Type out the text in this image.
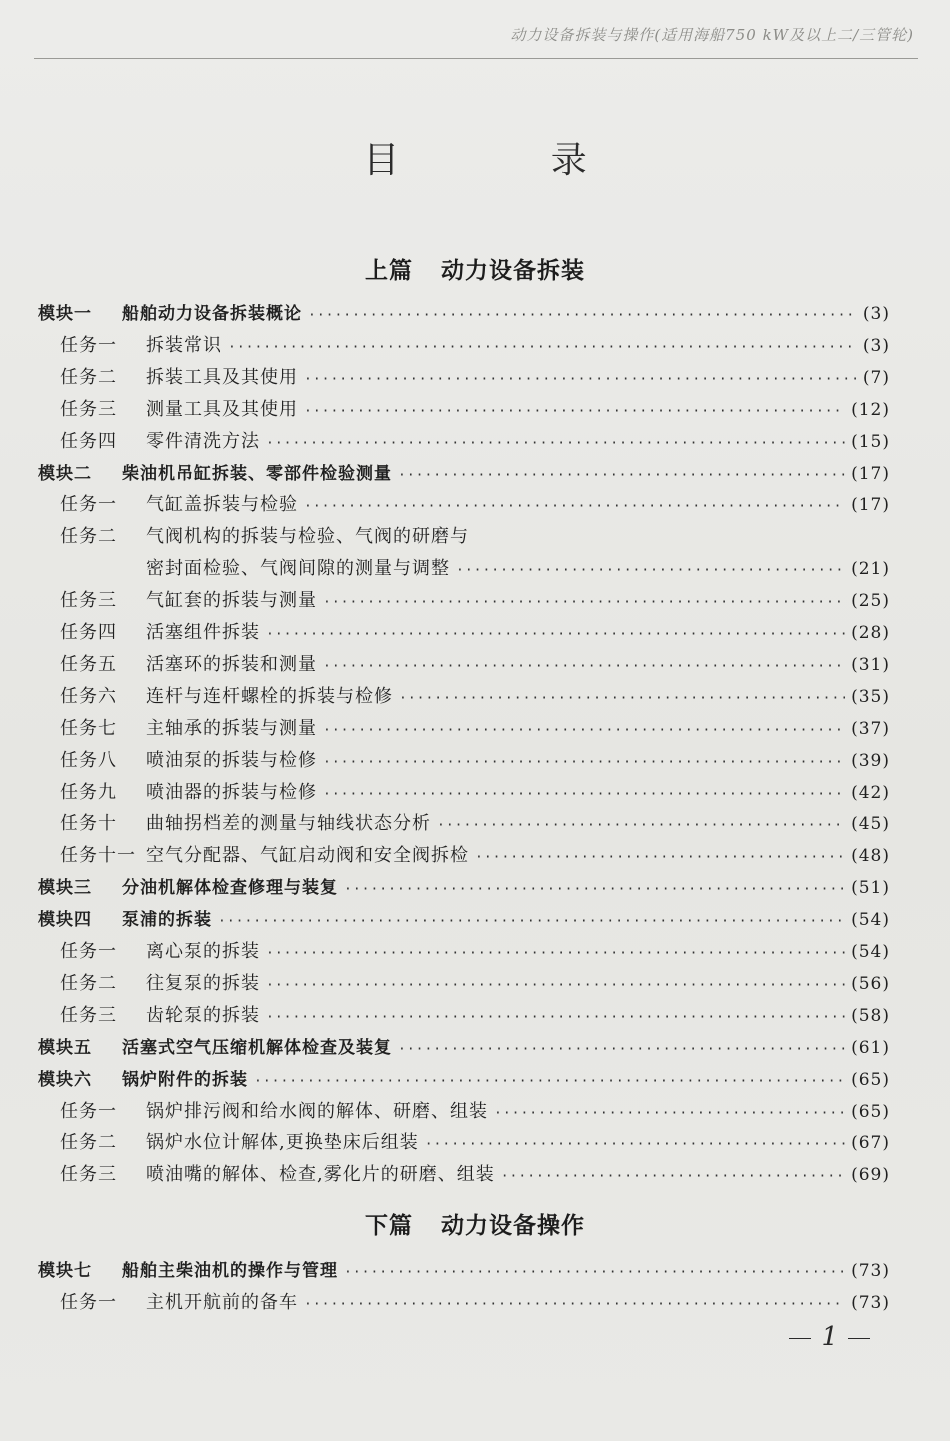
动力设备拆装与操作(适用海船750 kW及以上二/三管轮)
目 录
上篇 动力设备拆装
模块一	船舶动力设备拆装概论 ·····	(3)
任务一	拆装常识 ·····	(3)
任务二	拆装工具及其使用 ·····	(7)
任务三	测量工具及其使用 ·····	(12)
任务四	零件清洗方法 ·····	(15)
模块二	柴油机吊缸拆装、零部件检验测量 ·····	(17)
任务一	气缸盖拆装与检验 ·····	(17)
任务二	气阀机构的拆装与检验、气阀的研磨与
密封面检验、气阀间隙的测量与调整 ·····	(21)
任务三	气缸套的拆装与测量 ·····	(25)
任务四	活塞组件拆装 ·····	(28)
任务五	活塞环的拆装和测量 ·····	(31)
任务六	连杆与连杆螺栓的拆装与检修 ·····	(35)
任务七	主轴承的拆装与测量 ·····	(37)
任务八	喷油泵的拆装与检修 ·····	(39)
任务九	喷油器的拆装与检修 ·····	(42)
任务十	曲轴拐档差的测量与轴线状态分析 ·····	(45)
任务十一 空气分配器、气缸启动阀和安全阀拆检 ·····	(48)
模块三	分油机解体检查修理与装复 ·····	(51)
模块四	泵浦的拆装 ·····	(54)
任务一	离心泵的拆装 ·····	(54)
任务二	往复泵的拆装 ·····	(56)
任务三	齿轮泵的拆装 ·····	(58)
模块五	活塞式空气压缩机解体检查及装复 ·····	(61)
模块六	锅炉附件的拆装 ·····	(65)
任务一	锅炉排污阀和给水阀的解体、研磨、组装 ·····	(65)
任务二	锅炉水位计解体,更换垫床后组装 ·····	(67)
任务三	喷油嘴的解体、检查,雾化片的研磨、组装 ·····	(69)
下篇 动力设备操作
模块七	船舶主柴油机的操作与管理 ·····	(73)
任务一	主机开航前的备车 ·····	(73)
1
